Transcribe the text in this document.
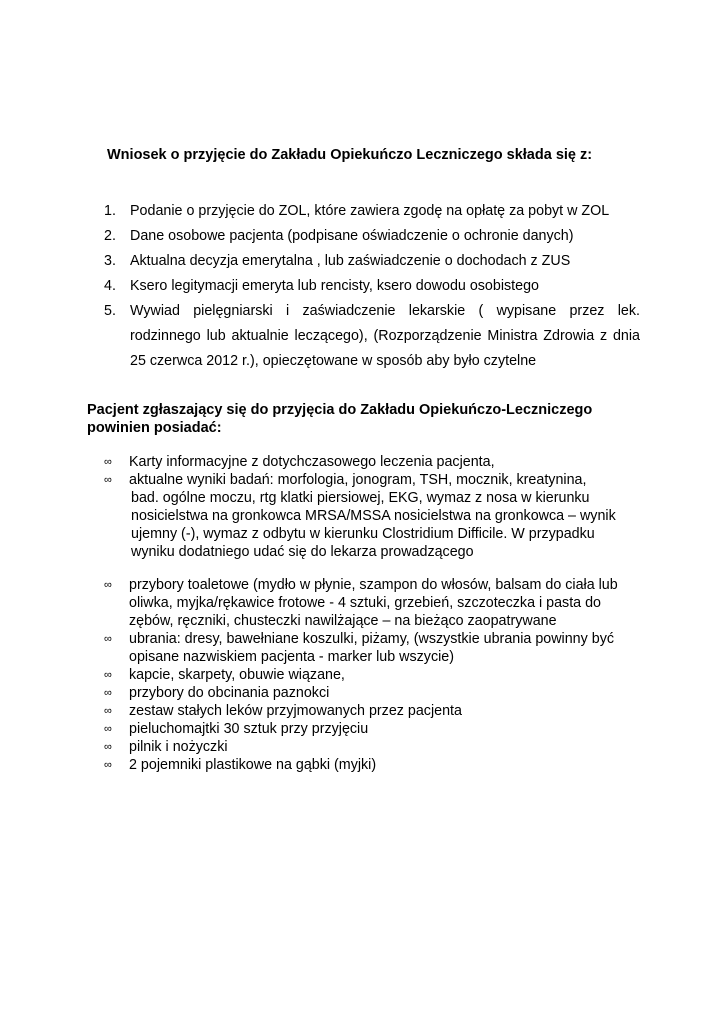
Wniosek o przyjęcie do Zakładu Opiekuńczo Leczniczego składa się z:
1. Podanie o przyjęcie do ZOL, które zawiera zgodę na opłatę za pobyt w ZOL
2. Dane osobowe pacjenta (podpisane oświadczenie o ochronie danych)
3. Aktualna decyzja emerytalna , lub zaświadczenie o dochodach z ZUS
4. Ksero legitymacji emeryta lub rencisty, ksero dowodu osobistego
5. Wywiad pielęgniarski i zaświadczenie lekarskie ( wypisane przez lek.
rodzinnego lub aktualnie leczącego), (Rozporządzenie Ministra Zdrowia z dnia 25 czerwca 2012 r.), opieczętowane w sposób aby było czytelne
Pacjent zgłaszający się do przyjęcia do Zakładu Opiekuńczo-Leczniczego powinien posiadać:
∞ Karty informacyjne z dotychczasowego leczenia pacjenta,
∞ aktualne wyniki badań: morfologia, jonogram, TSH, mocznik, kreatynina,
bad. ogólne moczu, rtg klatki piersiowej, EKG, wymaz z nosa w kierunku nosicielstwa na gronkowca MRSA/MSSA nosicielstwa na gronkowca – wynik ujemny (-), wymaz z odbytu w kierunku Clostridium Difficile. W przypadku wyniku dodatniego udać się do lekarza prowadzącego
∞ przybory toaletowe (mydło w płynie, szampon do włosów, balsam do ciała lub oliwka, myjka/rękawice frotowe - 4 sztuki, grzebień, szczoteczka i pasta do zębów, ręczniki, chusteczki nawilżające – na bieżąco zaopatrywane
∞ ubrania: dresy, bawełniane koszulki, piżamy, (wszystkie ubrania powinny być opisane nazwiskiem pacjenta - marker lub wszycie)
∞ kapcie, skarpety, obuwie wiązane,
∞ przybory do obcinania paznokci
∞ zestaw stałych leków przyjmowanych przez pacjenta
∞ pieluchomajtki 30 sztuk przy przyjęciu
∞ pilnik i nożyczki
∞ 2 pojemniki plastikowe na gąbki (myjki)
